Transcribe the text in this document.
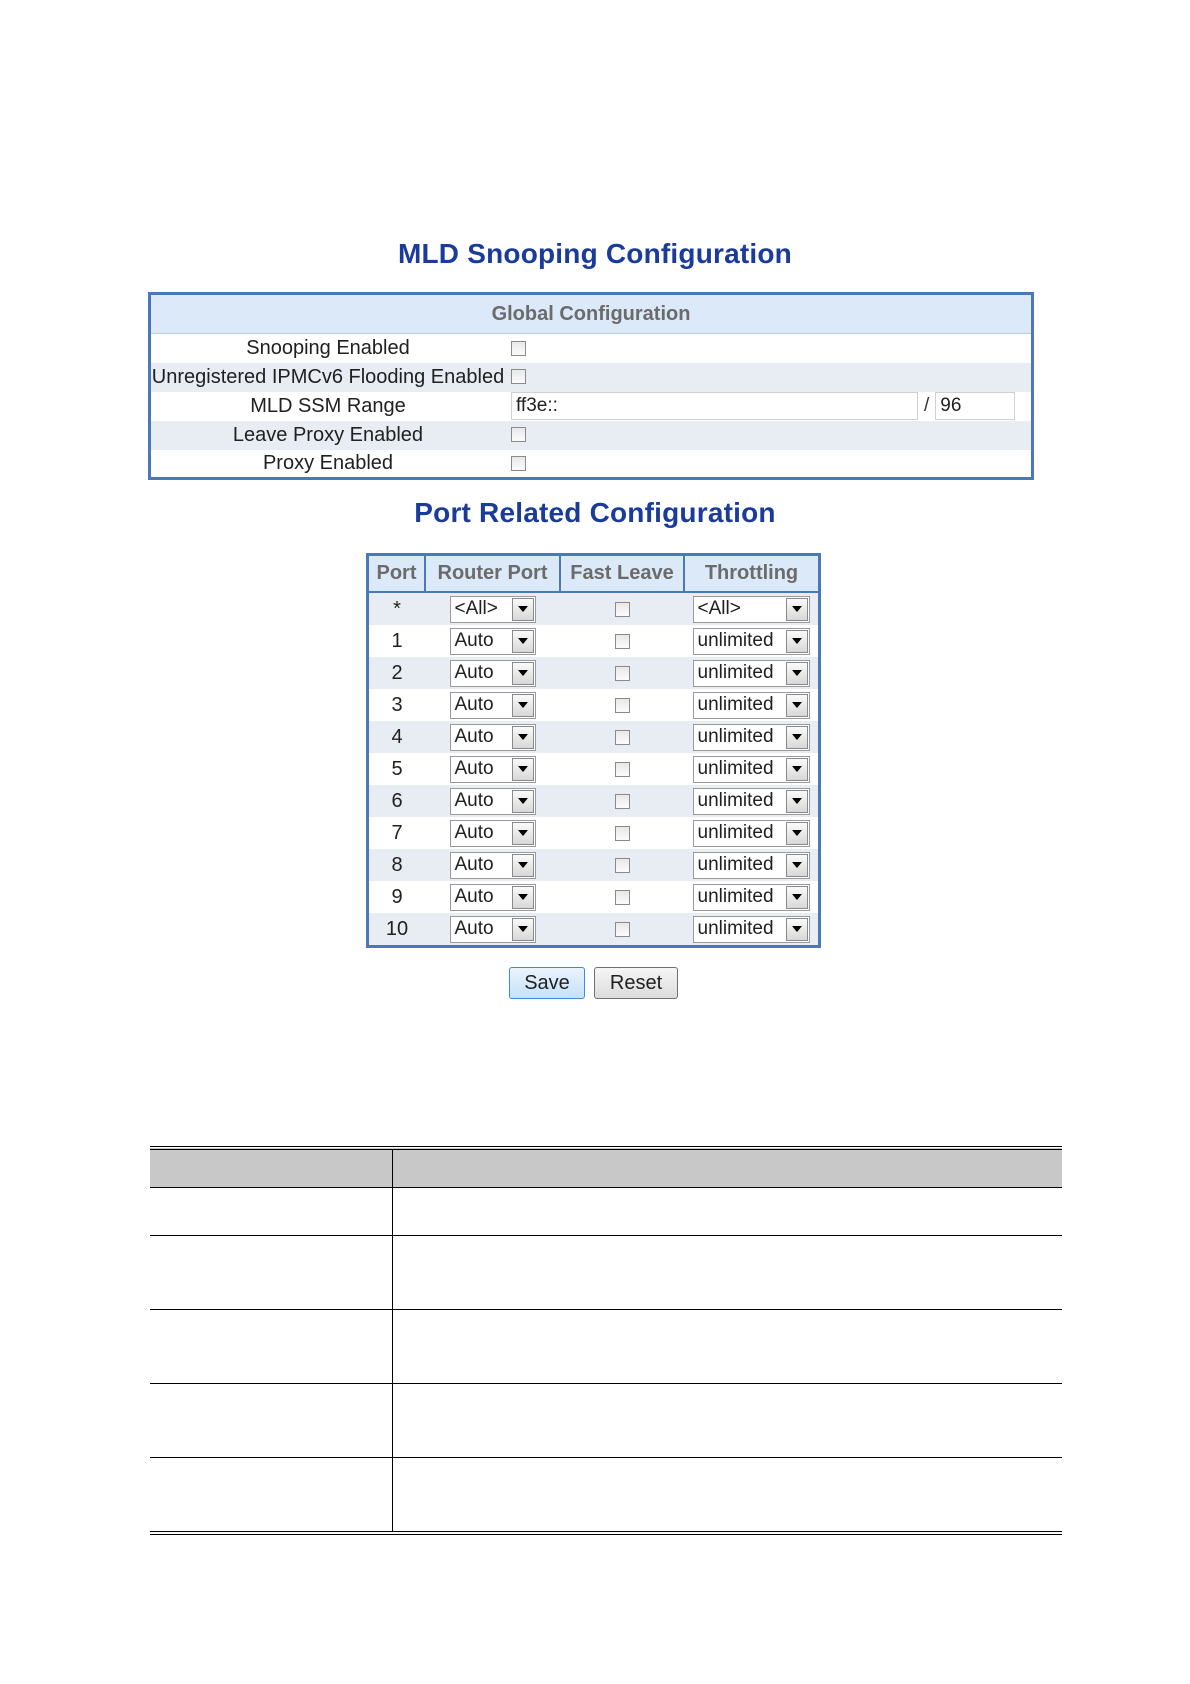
MLD Snooping Configuration
Global Configuration	
Snooping Enabled	
Unregistered IPMCv6 Flooding Enabled	
MLD SSM Range	ff3e:: / 96

Leave Proxy Enabled	
Proxy Enabled	
Port Related Configuration
Port	Router Port	Fast Leave	Throttling
*	<All>		<All>

1	Auto		unlimited

2	Auto		unlimited

3	Auto		unlimited

4	Auto		unlimited

5	Auto		unlimited

6	Auto		unlimited

7	Auto		unlimited

8	Auto		unlimited

9	Auto		unlimited

10	Auto		unlimited
Save	Reset
